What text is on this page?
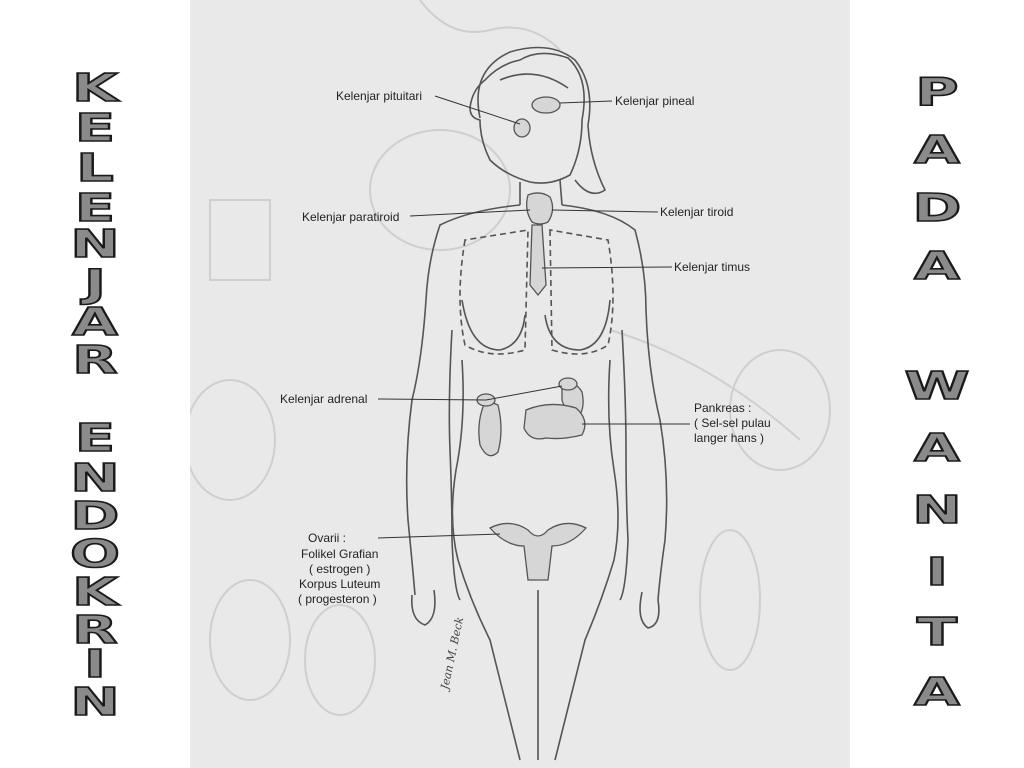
K
E
L
E
N
J
A
R
E
N
D
O
K
R
I
N
Kelenjar pituitari	Kelenjar pineal
Kelenjar paratiroid	Kelenjar tiroid
Kelenjar timus
Kelenjar adrenal
Pankreas :
( Sel-sel pulau
langer hans )
Ovarii :
Folikel Grafian
( estrogen )
Korpus Luteum
( progesteron )
Jean M. Beck
P
A
D
A
W
A
N
I
T
A
